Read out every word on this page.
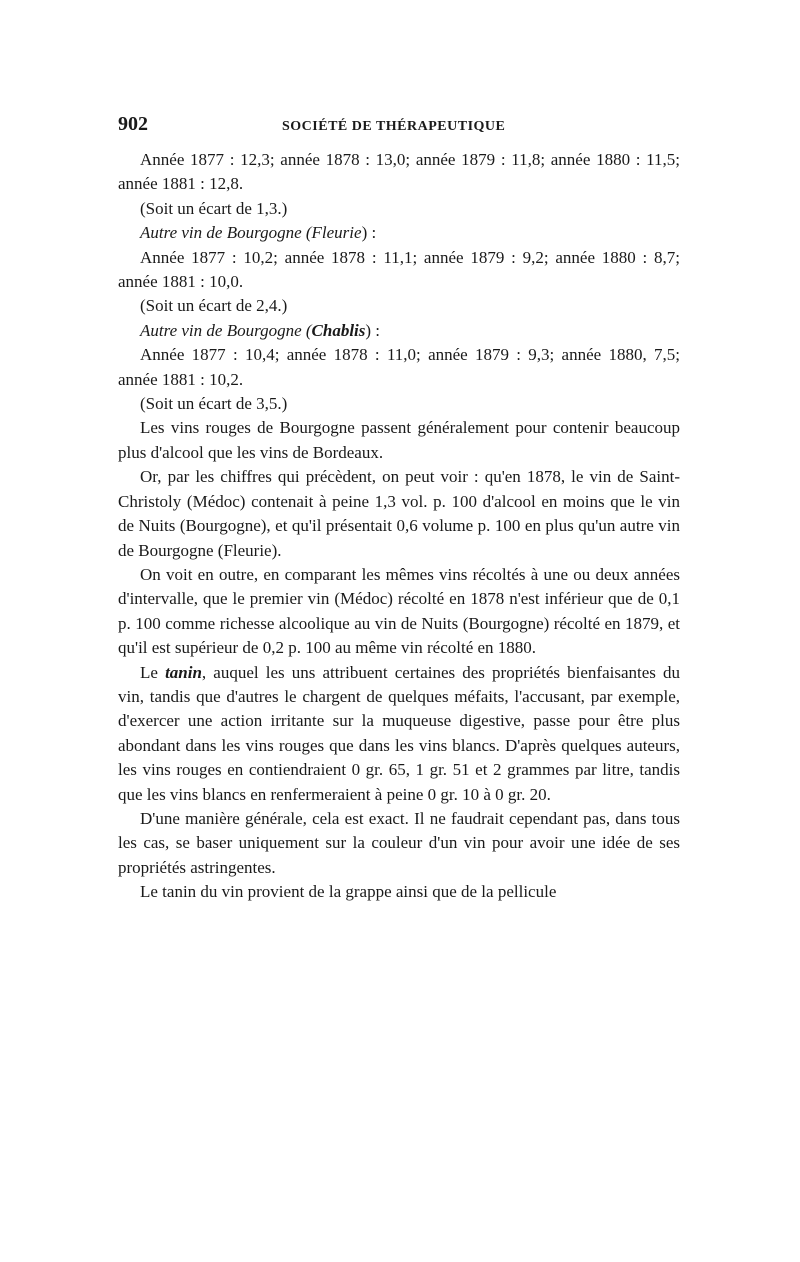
902	SOCIÉTÉ DE THÉRAPEUTIQUE

Année 1877 : 12,3; année 1878 : 13,0; année 1879 : 11,8; année 1880 : 11,5; année 1881 : 12,8.

(Soit un écart de 1,3.)

Autre vin de Bourgogne (Fleurie) :

Année 1877 : 10,2; année 1878 : 11,1; année 1879 : 9,2; année 1880 : 8,7; année 1881 : 10,0.

(Soit un écart de 2,4.)

Autre vin de Bourgogne (Chablis) :

Année 1877 : 10,4; année 1878 : 11,0; année 1879 : 9,3; année 1880, 7,5; année 1881 : 10,2.

(Soit un écart de 3,5.)

Les vins rouges de Bourgogne passent généralement pour contenir beaucoup plus d'alcool que les vins de Bordeaux.

Or, par les chiffres qui précèdent, on peut voir : qu'en 1878, le vin de Saint-Christoly (Médoc) contenait à peine 1,3 vol. p. 100 d'alcool en moins que le vin de Nuits (Bourgogne), et qu'il présentait 0,6 volume p. 100 en plus qu'un autre vin de Bourgogne (Fleurie).

On voit en outre, en comparant les mêmes vins récoltés à une ou deux années d'intervalle, que le premier vin (Médoc) récolté en 1878 n'est inférieur que de 0,1 p. 100 comme richesse alcoolique au vin de Nuits (Bourgogne) récolté en 1879, et qu'il est supérieur de 0,2 p. 100 au même vin récolté en 1880.

Le tanin, auquel les uns attribuent certaines des propriétés bienfaisantes du vin, tandis que d'autres le chargent de quelques méfaits, l'accusant, par exemple, d'exercer une action irritante sur la muqueuse digestive, passe pour être plus abondant dans les vins rouges que dans les vins blancs. D'après quelques auteurs, les vins rouges en contiendraient 0 gr. 65, 1 gr. 51 et 2 grammes par litre, tandis que les vins blancs en renfermeraient à peine 0 gr. 10 à 0 gr. 20.

D'une manière générale, cela est exact. Il ne faudrait cependant pas, dans tous les cas, se baser uniquement sur la couleur d'un vin pour avoir une idée de ses propriétés astringentes.

Le tanin du vin provient de la grappe ainsi que de la pellicule
